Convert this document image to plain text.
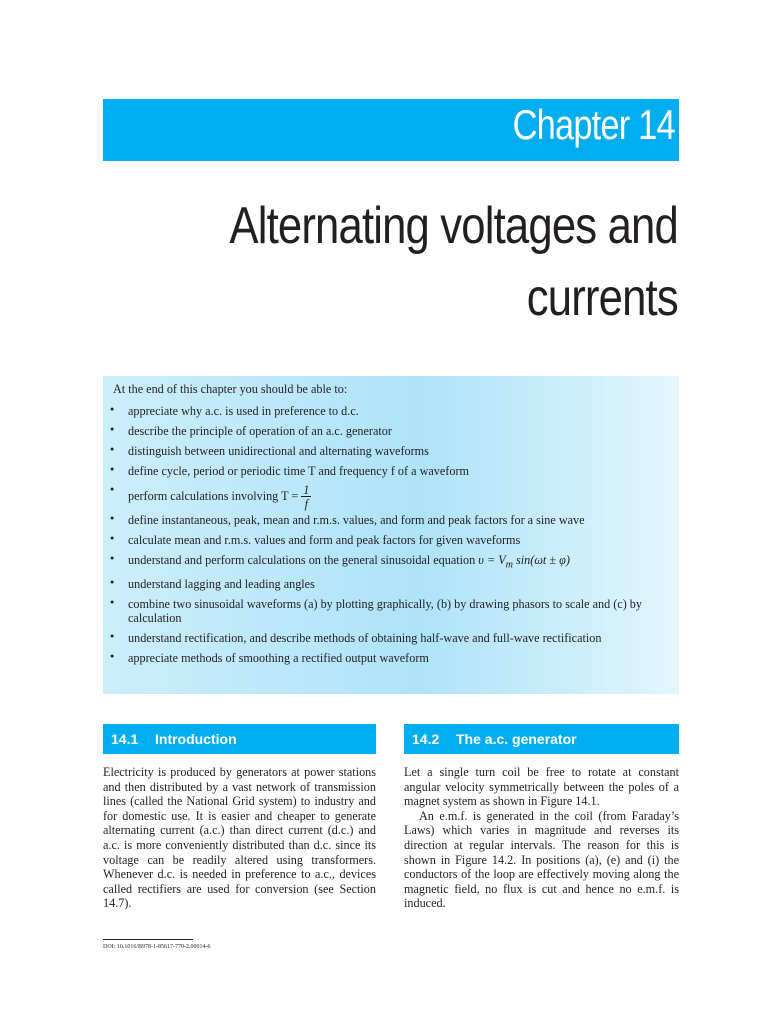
Chapter 14
Alternating voltages and
currents
At the end of this chapter you should be able to:
● appreciate why a.c. is used in preference to d.c.
● describe the principle of operation of an a.c. generator
● distinguish between unidirectional and alternating waveforms
● define cycle, period or periodic time T and frequency f of a waveform
● perform calculations involving $T = \frac{1}{f}$
● define instantaneous, peak, mean and r.m.s. values, and form and peak factors for a sine wave
● calculate mean and r.m.s. values and form and peak factors for given waveforms
● understand and perform calculations on the general sinusoidal equation $\upsilon = V_m$ sin(ωt ± φ)
● understand lagging and leading angles
● combine two sinusoidal waveforms (a) by plotting graphically, (b) by drawing phasors to scale and (c) by calculation
● understand rectification, and describe methods of obtaining half-wave and full-wave rectification
● appreciate methods of smoothing a rectified output waveform
14.1 Introduction	14.2 The a.c. generator

Electricity is produced by generators at power stations and then distributed by a vast network of transmission lines (called the National Grid system) to industry and for domestic use. It is easier and cheaper to generate alternating current (a.c.) than direct current (d.c.) and a.c. is more conveniently distributed than d.c. since its voltage can be readily altered using transformers. Whenever d.c. is needed in preference to a.c., devices called rectifiers are used for conversion (see Section 14.7).

Let a single turn coil be free to rotate at constant angular velocity symmetrically between the poles of a magnet system as shown in Figure 14.1.

An e.m.f. is generated in the coil (from Faraday’s Laws) which varies in magnitude and reverses its direction at regular intervals. The reason for this is shown in Figure 14.2. In positions (a), (e) and (i) the conductors of the loop are effectively moving along the magnetic field, no flux is cut and hence no e.m.f. is induced.

DOI: 10.1016/B978-1-85617-770-2.00014-6
